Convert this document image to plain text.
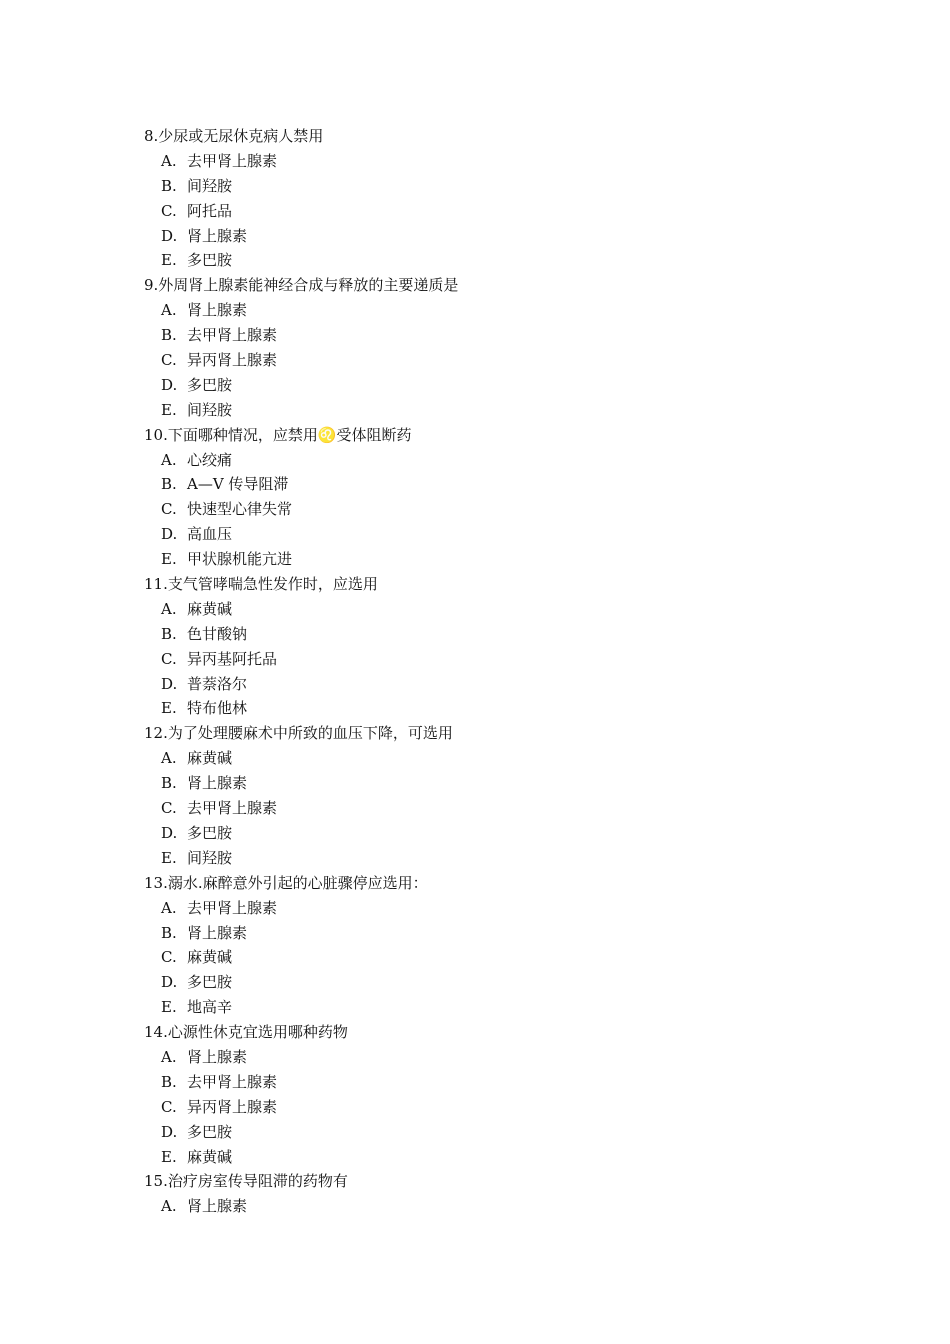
8.少尿或无尿休克病人禁用
A. 去甲肾上腺素
B. 间羟胺
C. 阿托品
D. 肾上腺素
E. 多巴胺
9.外周肾上腺素能神经合成与释放的主要递质是
A. 肾上腺素
B. 去甲肾上腺素
C. 异丙肾上腺素
D. 多巴胺
E. 间羟胺
10.下面哪种情况，应禁用♌受体阻断药
A. 心绞痛
B. A—V 传导阻滞
C. 快速型心律失常
D. 高血压
E. 甲状腺机能亢进
11.支气管哮喘急性发作时，应选用
A. 麻黄碱
B. 色甘酸钠
C. 异丙基阿托品
D. 普萘洛尔
E. 特布他林
12.为了处理腰麻术中所致的血压下降，可选用
A. 麻黄碱
B. 肾上腺素
C. 去甲肾上腺素
D. 多巴胺
E. 间羟胺
13.溺水.麻醉意外引起的心脏骤停应选用：
A. 去甲肾上腺素
B. 肾上腺素
C. 麻黄碱
D. 多巴胺
E. 地高辛
14.心源性休克宜选用哪种药物
A. 肾上腺素
B. 去甲肾上腺素
C. 异丙肾上腺素
D. 多巴胺
E. 麻黄碱
15.治疗房室传导阻滞的药物有
A. 肾上腺素
